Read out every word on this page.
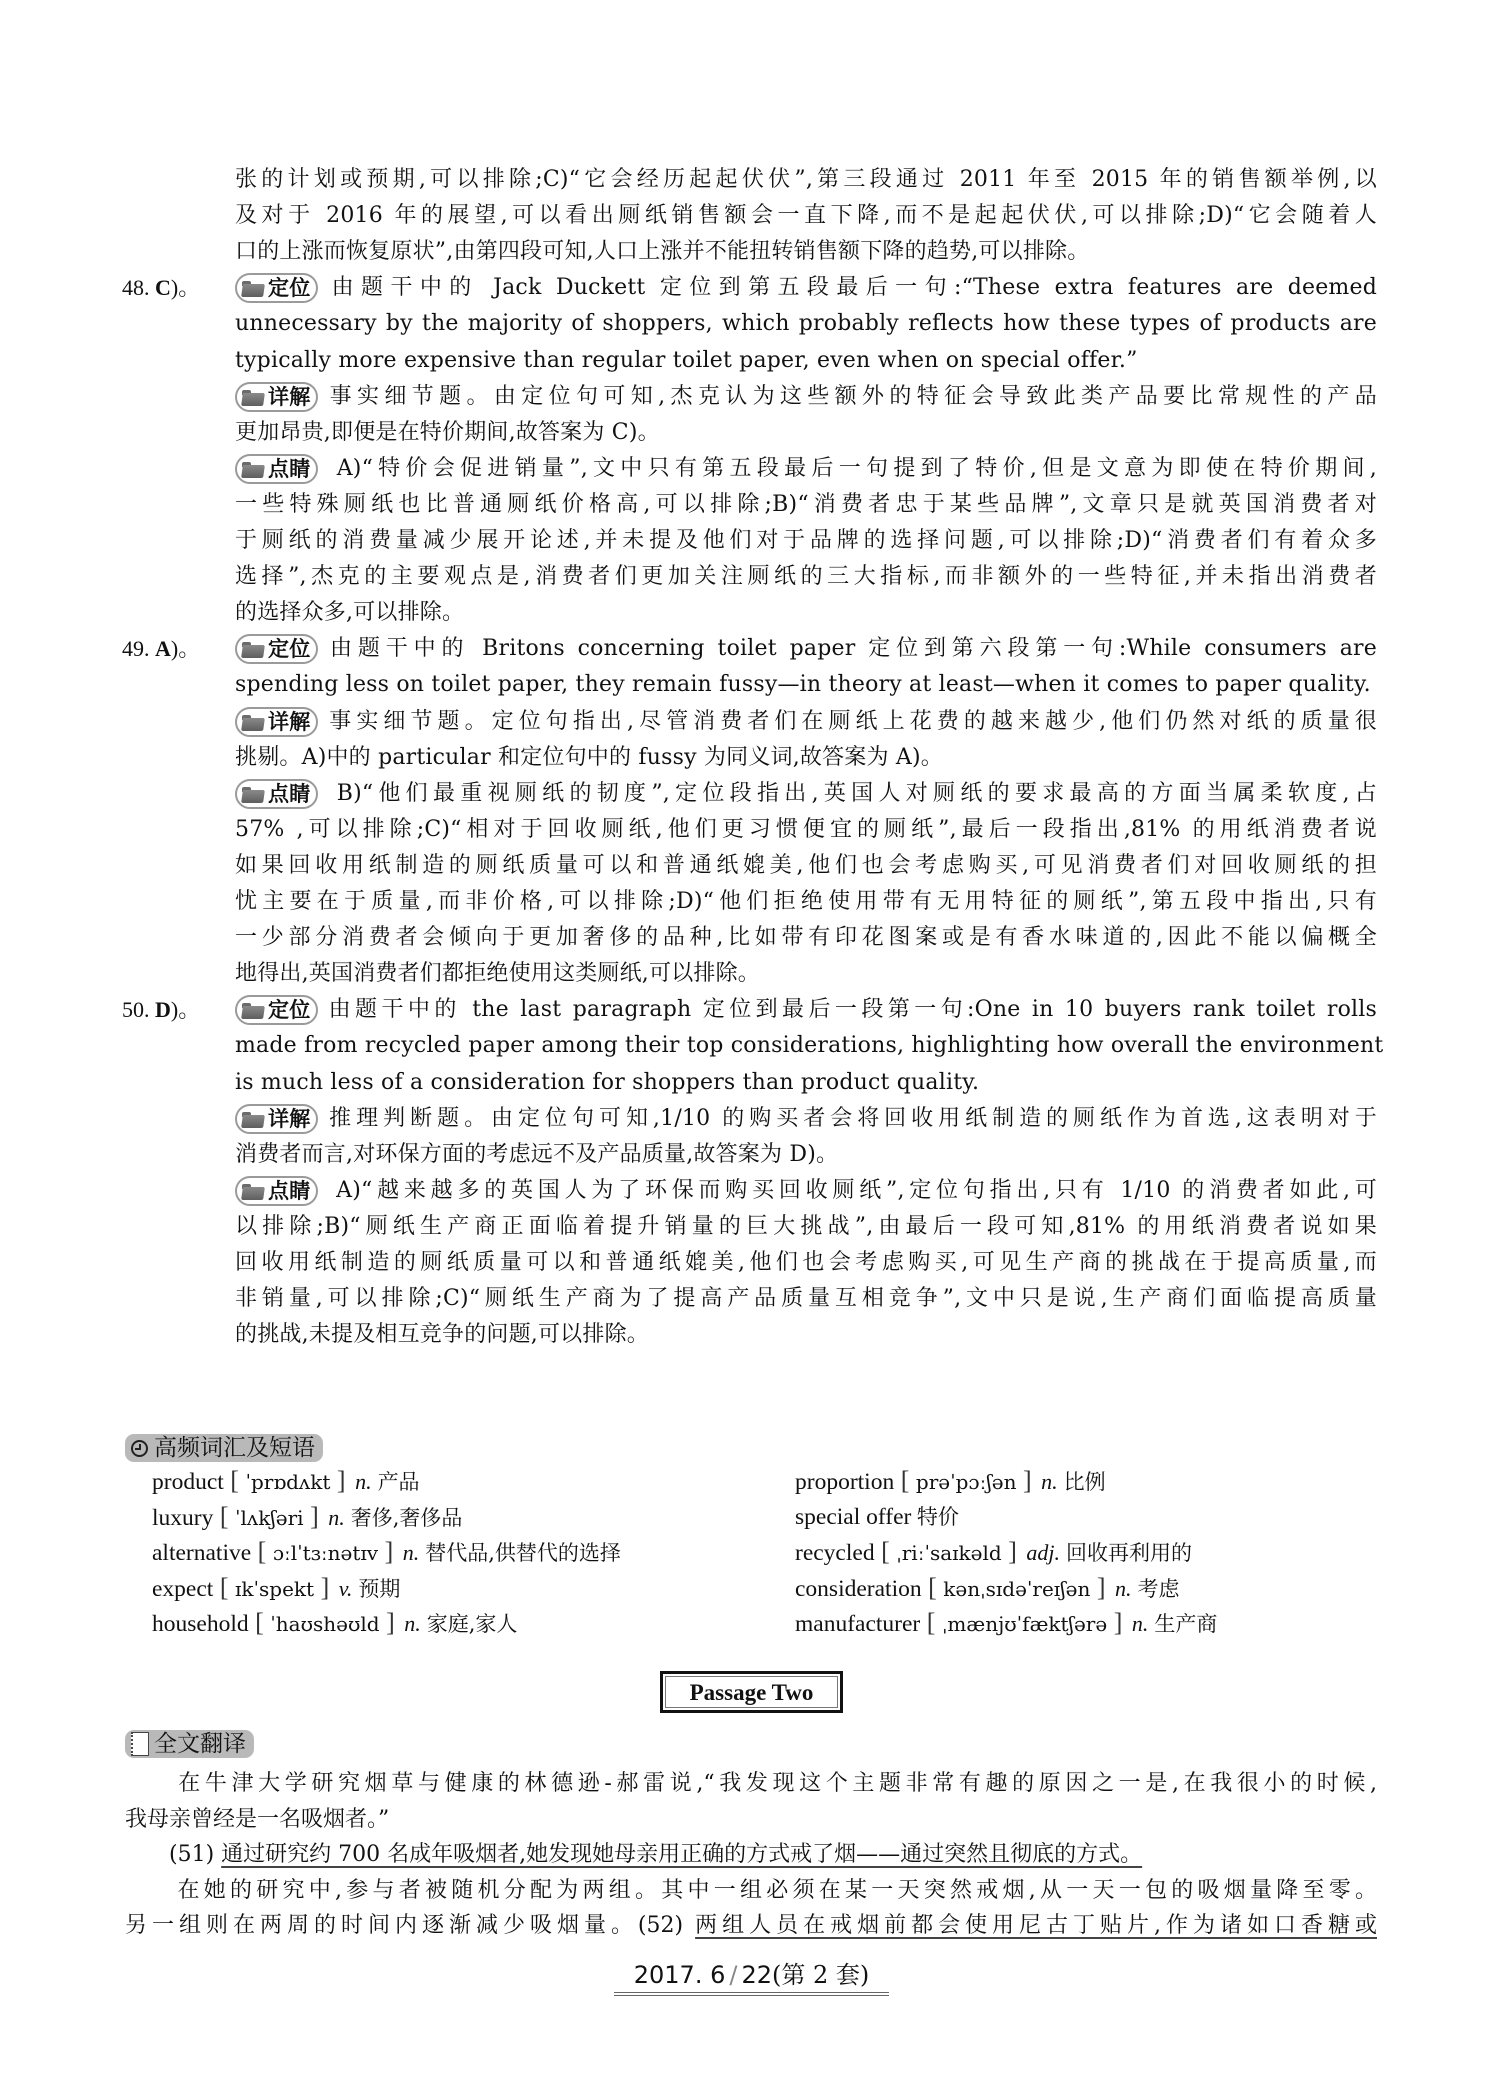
张的计划或预期,可以排除;C)“它会经历起起伏伏”,第三段通过 2011 年至 2015 年的销售额举例,以
及对于 2016 年的展望,可以看出厕纸销售额会一直下降,而不是起起伏伏,可以排除;D)“它会随着人
口的上涨而恢复原状”,由第四段可知,人口上涨并不能扭转销售额下降的趋势,可以排除。
48. C)。	定位 由题干中的 Jack Duckett 定位到第五段最后一句:“These extra features are deemed
unnecessary by the majority of shoppers, which probably reflects how these types of products are
typically more expensive than regular toilet paper, even when on special offer.”
详解 事实细节题。由定位句可知,杰克认为这些额外的特征会导致此类产品要比常规性的产品
更加昂贵,即便是在特价期间,故答案为 C)。
点睛 A)“特价会促进销量”,文中只有第五段最后一句提到了特价,但是文意为即使在特价期间,
一些特殊厕纸也比普通厕纸价格高,可以排除;B)“消费者忠于某些品牌”,文章只是就英国消费者对
于厕纸的消费量减少展开论述,并未提及他们对于品牌的选择问题,可以排除;D)“消费者们有着众多
选择”,杰克的主要观点是,消费者们更加关注厕纸的三大指标,而非额外的一些特征,并未指出消费者
的选择众多,可以排除。
49. A)。	定位 由题干中的 Britons concerning toilet paper 定位到第六段第一句:While consumers are
spending less on toilet paper, they remain fussy—in theory at least—when it comes to paper quality.
详解 事实细节题。定位句指出,尽管消费者们在厕纸上花费的越来越少,他们仍然对纸的质量很
挑剔。A)中的 particular 和定位句中的 fussy 为同义词,故答案为 A)。
点睛 B)“他们最重视厕纸的韧度”,定位段指出,英国人对厕纸的要求最高的方面当属柔软度,占
57% ,可以排除;C)“相对于回收厕纸,他们更习惯便宜的厕纸”,最后一段指出,81% 的用纸消费者说
如果回收用纸制造的厕纸质量可以和普通纸媲美,他们也会考虑购买,可见消费者们对回收厕纸的担
忧主要在于质量,而非价格,可以排除;D)“他们拒绝使用带有无用特征的厕纸”,第五段中指出,只有
一少部分消费者会倾向于更加奢侈的品种,比如带有印花图案或是有香水味道的,因此不能以偏概全
地得出,英国消费者们都拒绝使用这类厕纸,可以排除。
50. D)。	定位 由题干中的 the last paragraph 定位到最后一段第一句:One in 10 buyers rank toilet rolls
made from recycled paper among their top considerations, highlighting how overall the environment
is much less of a consideration for shoppers than product quality.
详解 推理判断题。由定位句可知,1/10 的购买者会将回收用纸制造的厕纸作为首选,这表明对于
消费者而言,对环保方面的考虑远不及产品质量,故答案为 D)。
点睛 A)“越来越多的英国人为了环保而购买回收厕纸”,定位句指出,只有 1/10 的消费者如此,可
以排除;B)“厕纸生产商正面临着提升销量的巨大挑战”,由最后一段可知,81% 的用纸消费者说如果
回收用纸制造的厕纸质量可以和普通纸媲美,他们也会考虑购买,可见生产商的挑战在于提高质量,而
非销量,可以排除;C)“厕纸生产商为了提高产品质量互相竞争”,文中只是说,生产商们面临提高质量
的挑战,未提及相互竞争的问题,可以排除。
高频词汇及短语
product [ ˈprɒdʌkt ] n. 产品
luxury [ ˈlʌkʃəri ] n. 奢侈,奢侈品
alternative [ ɔːlˈtɜːnətɪv ] n. 替代品,供替代的选择
expect [ ɪkˈspekt ] v. 预期
household [ ˈhaʊshəʊld ] n. 家庭,家人
proportion [ prəˈpɔːʃən ] n. 比例
special offer 特价
recycled [ ˌriːˈsaɪkəld ] adj. 回收再利用的
consideration [ kənˌsɪdəˈreɪʃən ] n. 考虑
manufacturer [ ˌmænjʊˈfæktʃərə ] n. 生产商
Passage Two
全文翻译
　　在牛津大学研究烟草与健康的林德逊-郝雷说,“我发现这个主题非常有趣的原因之一是,在我很小的时候,
我母亲曾经是一名吸烟者。”
　　(51) 通过研究约 700 名成年吸烟者,她发现她母亲用正确的方式戒了烟——通过突然且彻底的方式。
　　在她的研究中,参与者被随机分配为两组。其中一组必须在某一天突然戒烟,从一天一包的吸烟量降至零。
另一组则在两周的时间内逐渐减少吸烟量。(52) 两组人员在戒烟前都会使用尼古丁贴片,作为诸如口香糖或
2017. 6 / 22(第 2 套)
